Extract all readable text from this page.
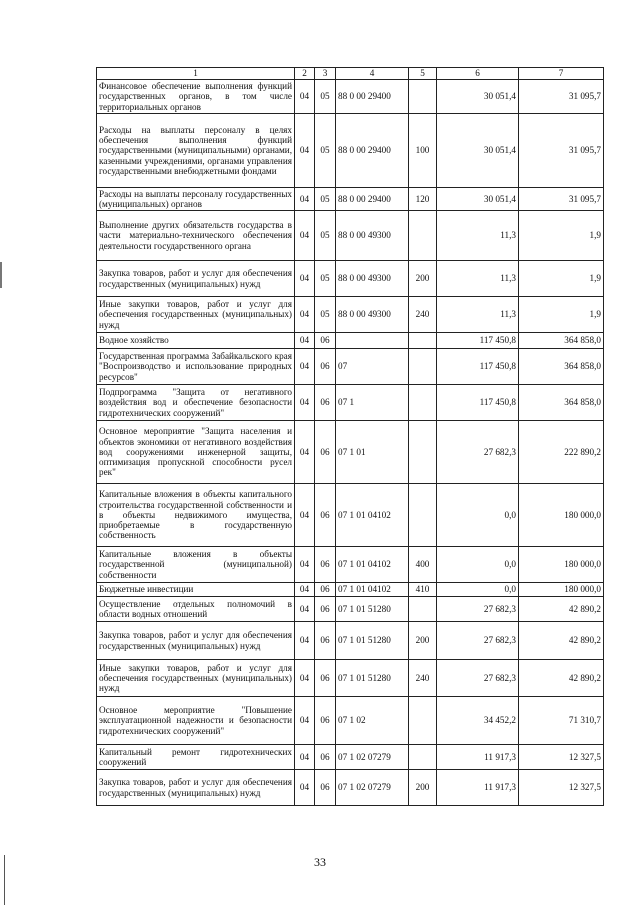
1	2	3	4	5	6	7
Финансовое обеспечение выполнения функций государственных органов, в том числе территориальных органов	04	05	88 0 00 29400		30 051,4	31 095,7
Расходы на выплаты персоналу в целях обеспечения выполнения функций государственными (муниципальными) органами, казенными учреждениями, органами управления государственными внебюджетными фондами	04	05	88 0 00 29400	100	30 051,4	31 095,7
Расходы на выплаты персоналу государственных (муниципальных) органов	04	05	88 0 00 29400	120	30 051,4	31 095,7
Выполнение других обязательств государства в части материально-технического обеспечения деятельности государственного органа	04	05	88 0 00 49300		11,3	1,9
Закупка товаров, работ и услуг для обеспечения государственных (муниципальных) нужд	04	05	88 0 00 49300	200	11,3	1,9
Иные закупки товаров, работ и услуг для обеспечения государственных (муниципальных) нужд	04	05	88 0 00 49300	240	11,3	1,9
Водное хозяйство	04	06			117 450,8	364 858,0
Государственная программа Забайкальского края "Воспроизводство и использование природных ресурсов"	04	06	07		117 450,8	364 858,0
Подпрограмма "Защита от негативного воздействия вод и обеспечение безопасности гидротехнических сооружений"	04	06	07 1		117 450,8	364 858,0
Основное мероприятие "Защита населения и объектов экономики от негативного воздействия вод сооружениями инженерной защиты, оптимизация пропускной способности русел рек"	04	06	07 1 01		27 682,3	222 890,2
Капитальные вложения в объекты капитального строительства государственной собственности и в объекты недвижимого имущества, приобретаемые в государственную собственность	04	06	07 1 01 04102		0,0	180 000,0
Капитальные вложения в объекты государственной (муниципальной) собственности	04	06	07 1 01 04102	400	0,0	180 000,0
Бюджетные инвестиции	04	06	07 1 01 04102	410	0,0	180 000,0
Осуществление отдельных полномочий в области водных отношений	04	06	07 1 01 51280		27 682,3	42 890,2
Закупка товаров, работ и услуг для обеспечения государственных (муниципальных) нужд	04	06	07 1 01 51280	200	27 682,3	42 890,2
Иные закупки товаров, работ и услуг для обеспечения государственных (муниципальных) нужд	04	06	07 1 01 51280	240	27 682,3	42 890,2
Основное мероприятие "Повышение эксплуатационной надежности и безопасности гидротехнических сооружений"	04	06	07 1 02		34 452,2	71 310,7
Капитальный ремонт гидротехнических сооружений	04	06	07 1 02 07279		11 917,3	12 327,5
Закупка товаров, работ и услуг для обеспечения государственных (муниципальных) нужд	04	06	07 1 02 07279	200	11 917,3	12 327,5
33
